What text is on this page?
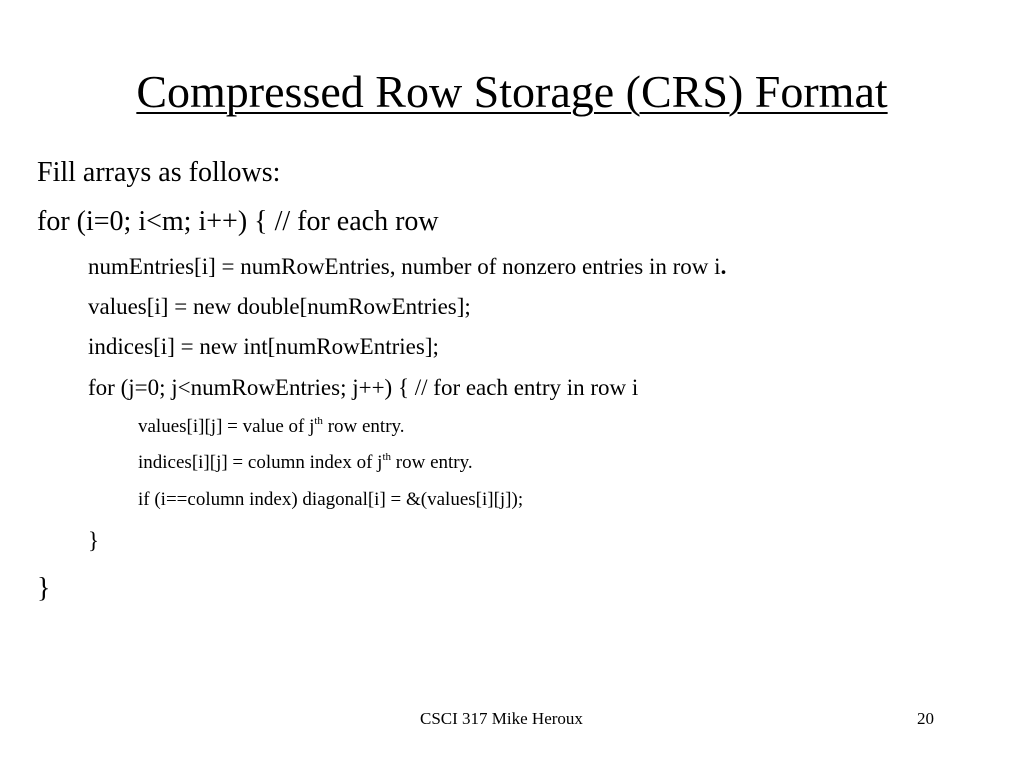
Compressed Row Storage (CRS) Format

Fill arrays as follows:

for (i=0; i<m; i++) { // for each row

numEntries[i] = numRowEntries, number of nonzero entries in row i.

values[i] = new double[numRowEntries];

indices[i] = new int[numRowEntries];

for (j=0; j<numRowEntries; j++) { // for each entry in row i

values[i][j] = value of $j^{th}$ row entry.

indices[i][j] = column index of $j^{th}$ row entry.

if (i==column index) diagonal[i] = &(values[i][j]);

}

}

CSCI 317 Mike Heroux	20
